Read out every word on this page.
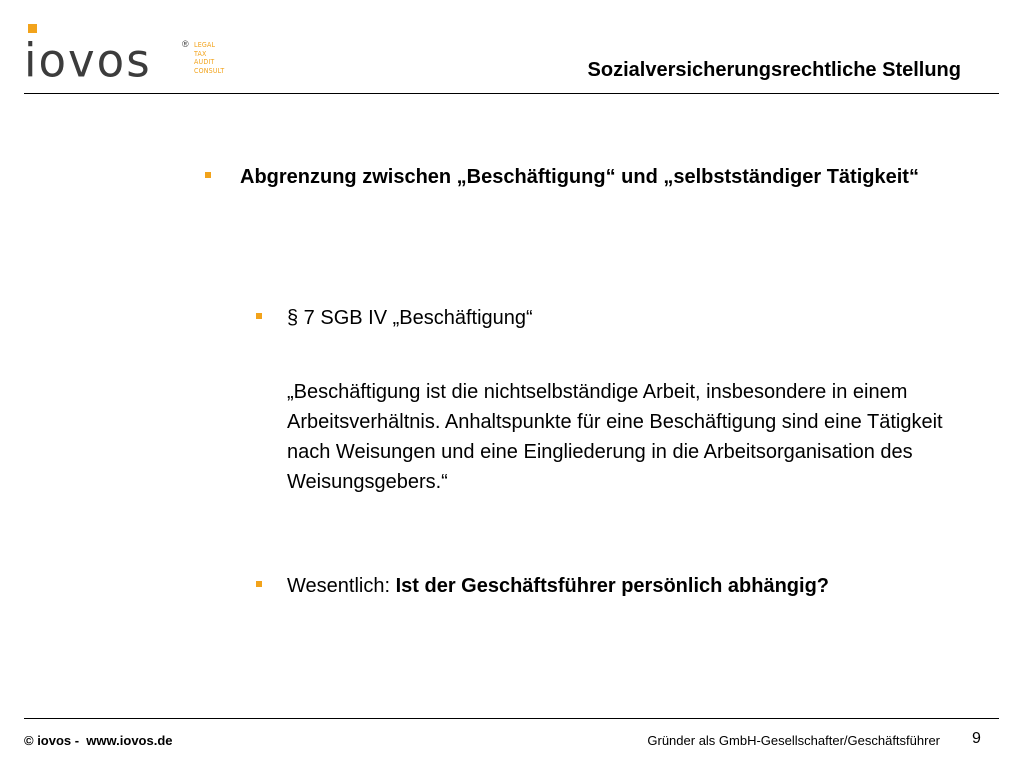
iovos	® LEGAL
TAX
AUDIT
CONSULT	Sozialversicherungsrechtliche Stellung
Abgrenzung zwischen „Beschäftigung“ und „selbstständiger Tätigkeit“
§ 7 SGB IV „Beschäftigung“
„Beschäftigung ist die nichtselbständige Arbeit, insbesondere in einem Arbeitsverhältnis. Anhaltspunkte für eine Beschäftigung sind eine Tätigkeit nach Weisungen und eine Eingliederung in die Arbeitsorganisation des Weisungsgebers.“
Wesentlich: Ist der Geschäftsführer persönlich abhängig?
© iovos -  www.iovos.de	Gründer als GmbH-Gesellschafter/Geschäftsführer 9
